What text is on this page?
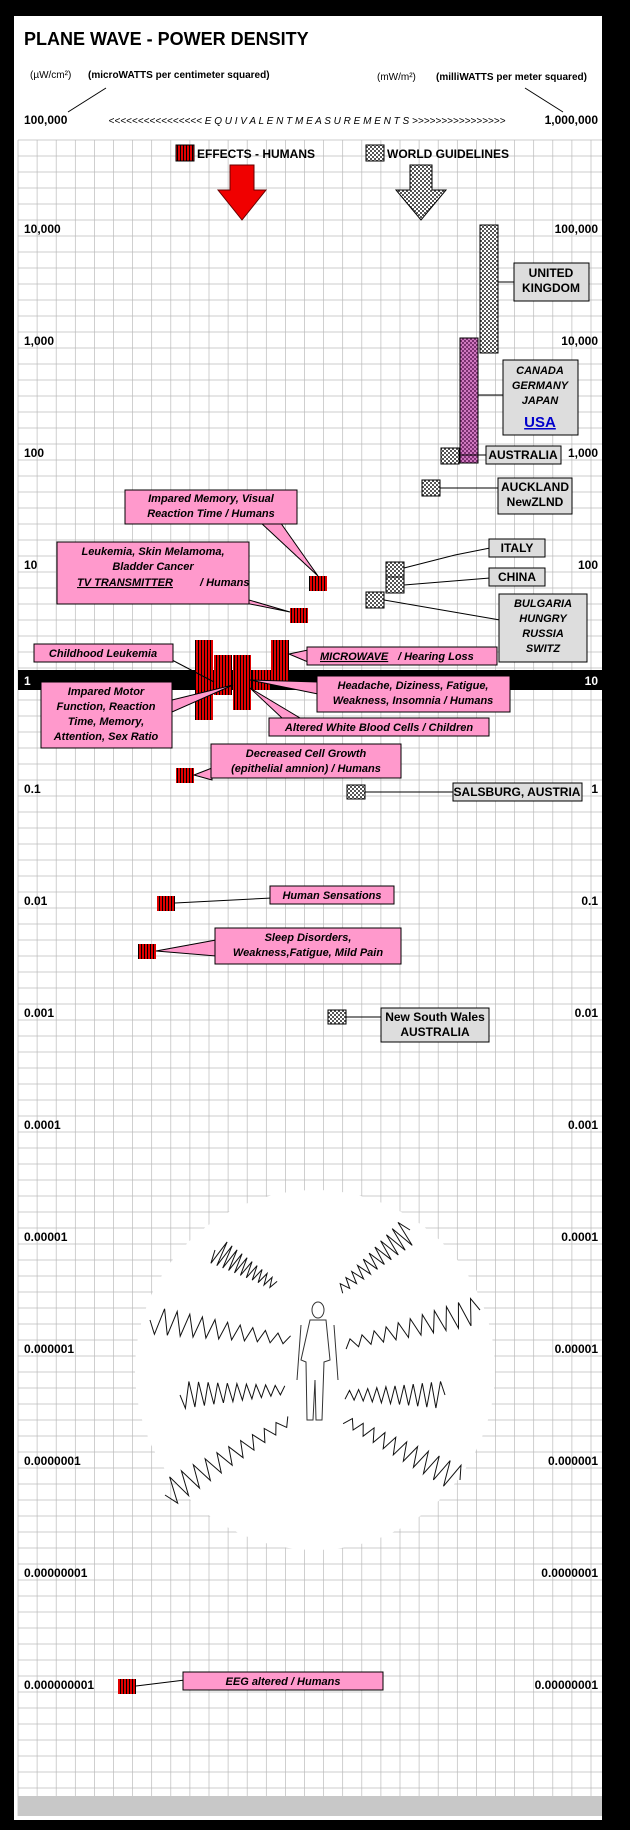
PLANE WAVE - POWER DENSITY
(µW/cm²) (microWATTS per centimeter squared)	(mW/m²) (milliWATTS per meter squared)
100,000	1,000,000
<<<<<<<<<<<<<<<< E Q U I V A L E N T M E A S U R E M E N T S >>>>>>>>>>>>>>>>
EFFECTS - HUMANS	WORLD GUIDELINES
10,000	100,000
1,000	10,000
100	1,000
10	100
0.1	1
0.01	0.1
0.001	0.01
0.0001	0.001
0.00001	0.0001
0.000001	0.00001
0.0000001	0.000001
0.00000001	0.0000001
0.000000001	0.00000001
1	10
UNITED
KINGDOM
CANADA
GERMANY
JAPAN
USA
AUSTRALIA
AUCKLAND
NewZLND
ITALY
CHINA
BULGARIA
HUNGRY
RUSSIA
SWITZ
SALSBURG, AUSTRIA
New South Wales
AUSTRALIA
Impared Memory, Visual
Reaction Time / Humans
Leukemia, Skin Melamoma,
Bladder Cancer
TV TRANSMITTER / Humans
Childhood Leukemia	MICROWAVE / Hearing Loss
Impared Motor
Function, Reaction
Time, Memory,
Attention, Sex Ratio
Headache, Diziness, Fatigue,
Weakness, Insomnia / Humans
Altered White Blood Cells / Children
Decreased Cell Growth
(epithelial amnion) / Humans
Human Sensations
Sleep Disorders,
Weakness,Fatigue, Mild Pain
EEG altered / Humans
